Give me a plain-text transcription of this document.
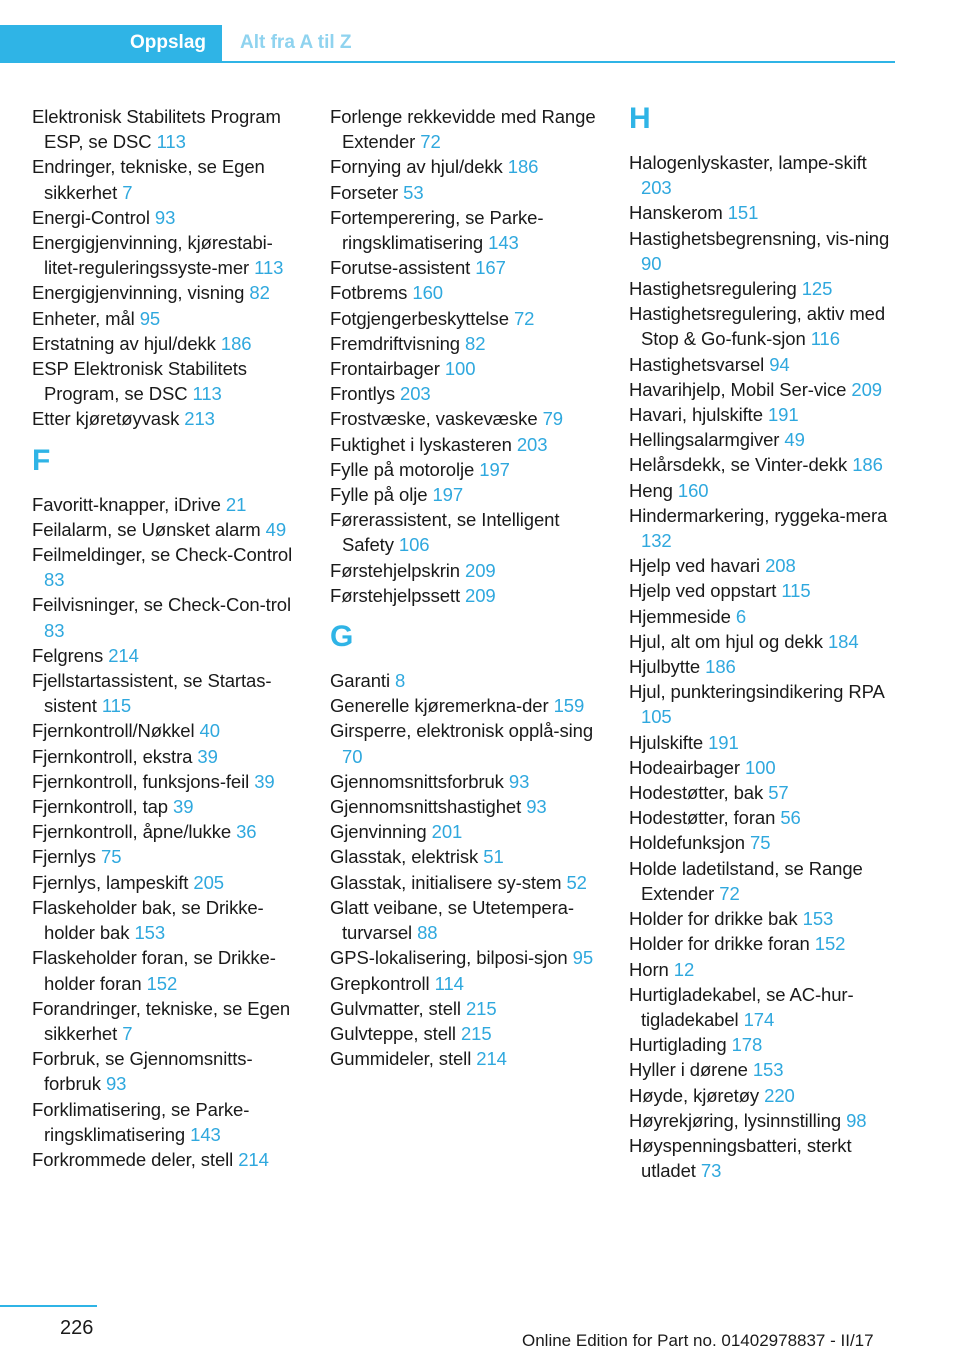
Oppslag	Alt fra A til Z
Elektronisk Stabilitets Program ESP, se DSC 113
Endringer, tekniske, se Egen sikkerhet 7
Energi-Control 93
Energigjenvinning, kjørestabi‐litet-reguleringssyste‐mer 113
Energigjenvinning, visning 82
Enheter, mål 95
Erstatning av hjul/dekk 186
ESP Elektronisk Stabilitets Program, se DSC 113
Etter kjøretøyvask 213
F
Favoritt-knapper, iDrive 21
Feilalarm, se Uønsket alarm 49
Feilmeldinger, se Check-Control 83
Feilvisninger, se Check-Con‐trol 83
Felgrens 214
Fjellstartassistent, se Startas‐sistent 115
Fjernkontroll/Nøkkel 40
Fjernkontroll, ekstra 39
Fjernkontroll, funksjons‐feil 39
Fjernkontroll, tap 39
Fjernkontroll, åpne/lukke 36
Fjernlys 75
Fjernlys, lampeskift 205
Flaskeholder bak, se Drikke‐holder bak 153
Flaskeholder foran, se Drikke‐holder foran 152
Forandringer, tekniske, se Egen sikkerhet 7
Forbruk, se Gjennomsnitts‐forbruk 93
Forklimatisering, se Parke‐ringsklimatisering 143
Forkrommede deler, stell 214
Forlenge rekkevidde med Range Extender 72
Fornying av hjul/dekk 186
Forseter 53
Fortemperering, se Parke‐ringsklimatisering 143
Forutse-assistent 167
Fotbrems 160
Fotgjengerbeskyttelse 72
Fremdriftvisning 82
Frontairbager 100
Frontlys 203
Frostvæske, vaskevæske 79
Fuktighet i lyskasteren 203
Fylle på motorolje 197
Fylle på olje 197
Førerassistent, se Intelligent Safety 106
Førstehjelpskrin 209
Førstehjelpssett 209
G
Garanti 8
Generelle kjøremerkna‐der 159
Girsperre, elektronisk opplå‐sing 70
Gjennomsnittsforbruk 93
Gjennomsnittshastighet 93
Gjenvinning 201
Glasstak, elektrisk 51
Glasstak, initialisere sy‐stem 52
Glatt veibane, se Utetempera‐turvarsel 88
GPS-lokalisering, bilposi‐sjon 95
Grepkontroll 114
Gulvmatter, stell 215
Gulvteppe, stell 215
Gummideler, stell 214
H
Halogenlyskaster, lampe‐skift 203
Hanskerom 151
Hastighetsbegrensning, vis‐ning 90
Hastighetsregulering 125
Hastighetsregulering, aktiv med Stop & Go-funk‐sjon 116
Hastighetsvarsel 94
Havarihjelp, Mobil Ser‐vice 209
Havari, hjulskifte 191
Hellingsalarmgiver 49
Helårsdekk, se Vinter‐dekk 186
Heng 160
Hindermarkering, ryggeka‐mera 132
Hjelp ved havari 208
Hjelp ved oppstart 115
Hjemmeside 6
Hjul, alt om hjul og dekk 184
Hjulbytte 186
Hjul, punkteringsindikering RPA 105
Hjulskifte 191
Hodeairbager 100
Hodestøtter, bak 57
Hodestøtter, foran 56
Holdefunksjon 75
Holde ladetilstand, se Range Extender 72
Holder for drikke bak 153
Holder for drikke foran 152
Horn 12
Hurtigladekabel, se AC-hur‐tigladekabel 174
Hurtiglading 178
Hyller i dørene 153
Høyde, kjøretøy 220
Høyrekjøring, lysinnstilling 98
Høyspenningsbatteri, sterkt utladet 73
226
Online Edition for Part no. 01402978837 - II/17
